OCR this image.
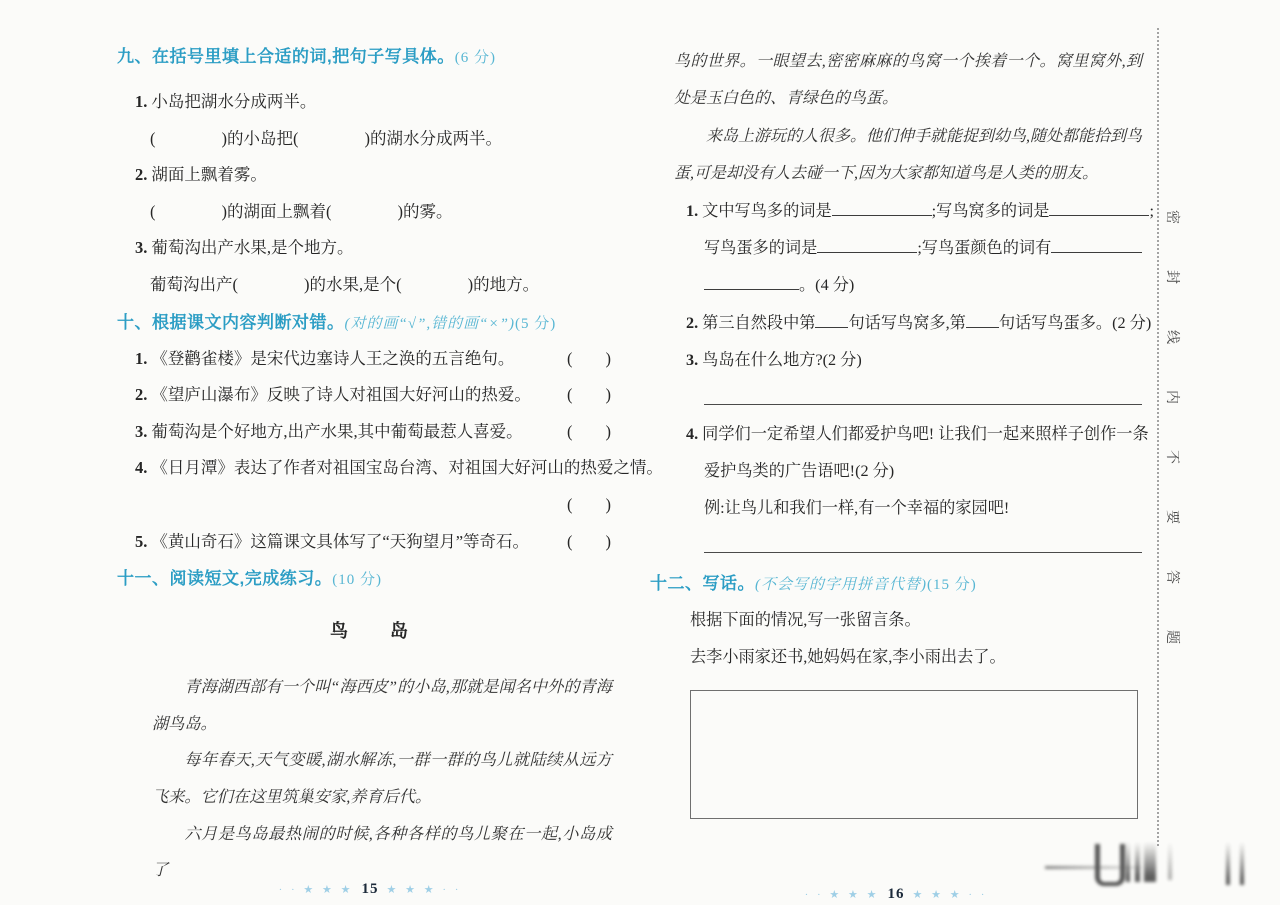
九、在括号里填上合适的词,把句子写具体。(6 分)
1. 小岛把湖水分成两半。
(　　　　)的小岛把(　　　　)的湖水分成两半。
2. 湖面上飘着雾。
(　　　　)的湖面上飘着(　　　　)的雾。
3. 葡萄沟出产水果,是个地方。
葡萄沟出产(　　　　)的水果,是个(　　　　)的地方。
十、根据课文内容判断对错。(对的画“√”,错的画“×”)(5 分)
1. 《登鹳雀楼》是宋代边塞诗人王之涣的五言绝句。	(　　)
2. 《望庐山瀑布》反映了诗人对祖国大好河山的热爱。 (　　)
3. 葡萄沟是个好地方,出产水果,其中葡萄最惹人喜爱。	(　　)
4. 《日月潭》表达了作者对祖国宝岛台湾、对祖国大好河山的热爱之情。
(　　)
5. 《黄山奇石》这篇课文具体写了“天狗望月”等奇石。 (　　)
十一、阅读短文,完成练习。(10 分)
鸟　　岛

青海湖西部有一个叫“海西皮”的小岛,那就是闻名中外的青海湖鸟岛。

每年春天,天气变暖,湖水解冻,一群一群的鸟儿就陆续从远方飞来。它们在这里筑巢安家,养育后代。

六月是鸟岛最热闹的时候,各种各样的鸟儿聚在一起,小岛成了

· · ★ ★ ★ 15 ★ ★ ★ · ·

鸟的世界。一眼望去,密密麻麻的鸟窝一个挨着一个。窝里窝外,到处是玉白色的、青绿色的鸟蛋。

来岛上游玩的人很多。他们伸手就能捉到幼鸟,随处都能拾到鸟蛋,可是却没有人去碰一下,因为大家都知道鸟是人类的朋友。

1. 文中写鸟多的词是	;写鸟窝多的词是	;
写鸟蛋多的词是	;写鸟蛋颜色的词有
。(4 分)
2. 第三自然段中第 句话写鸟窝多,第 句话写鸟蛋多。(2 分)
3. 鸟岛在什么地方?(2 分)
4. 同学们一定希望人们都爱护鸟吧! 让我们一起来照样子创作一条
爱护鸟类的广告语吧!(2 分)
例:让鸟儿和我们一样,有一个幸福的家园吧!
十二、写话。(不会写的字用拼音代替)(15 分)
根据下面的情况,写一张留言条。
去李小雨家还书,她妈妈在家,李小雨出去了。
· · ★ ★ ★ 16 ★ ★ ★ · ·
密
封
线
内
不
要
答
题
